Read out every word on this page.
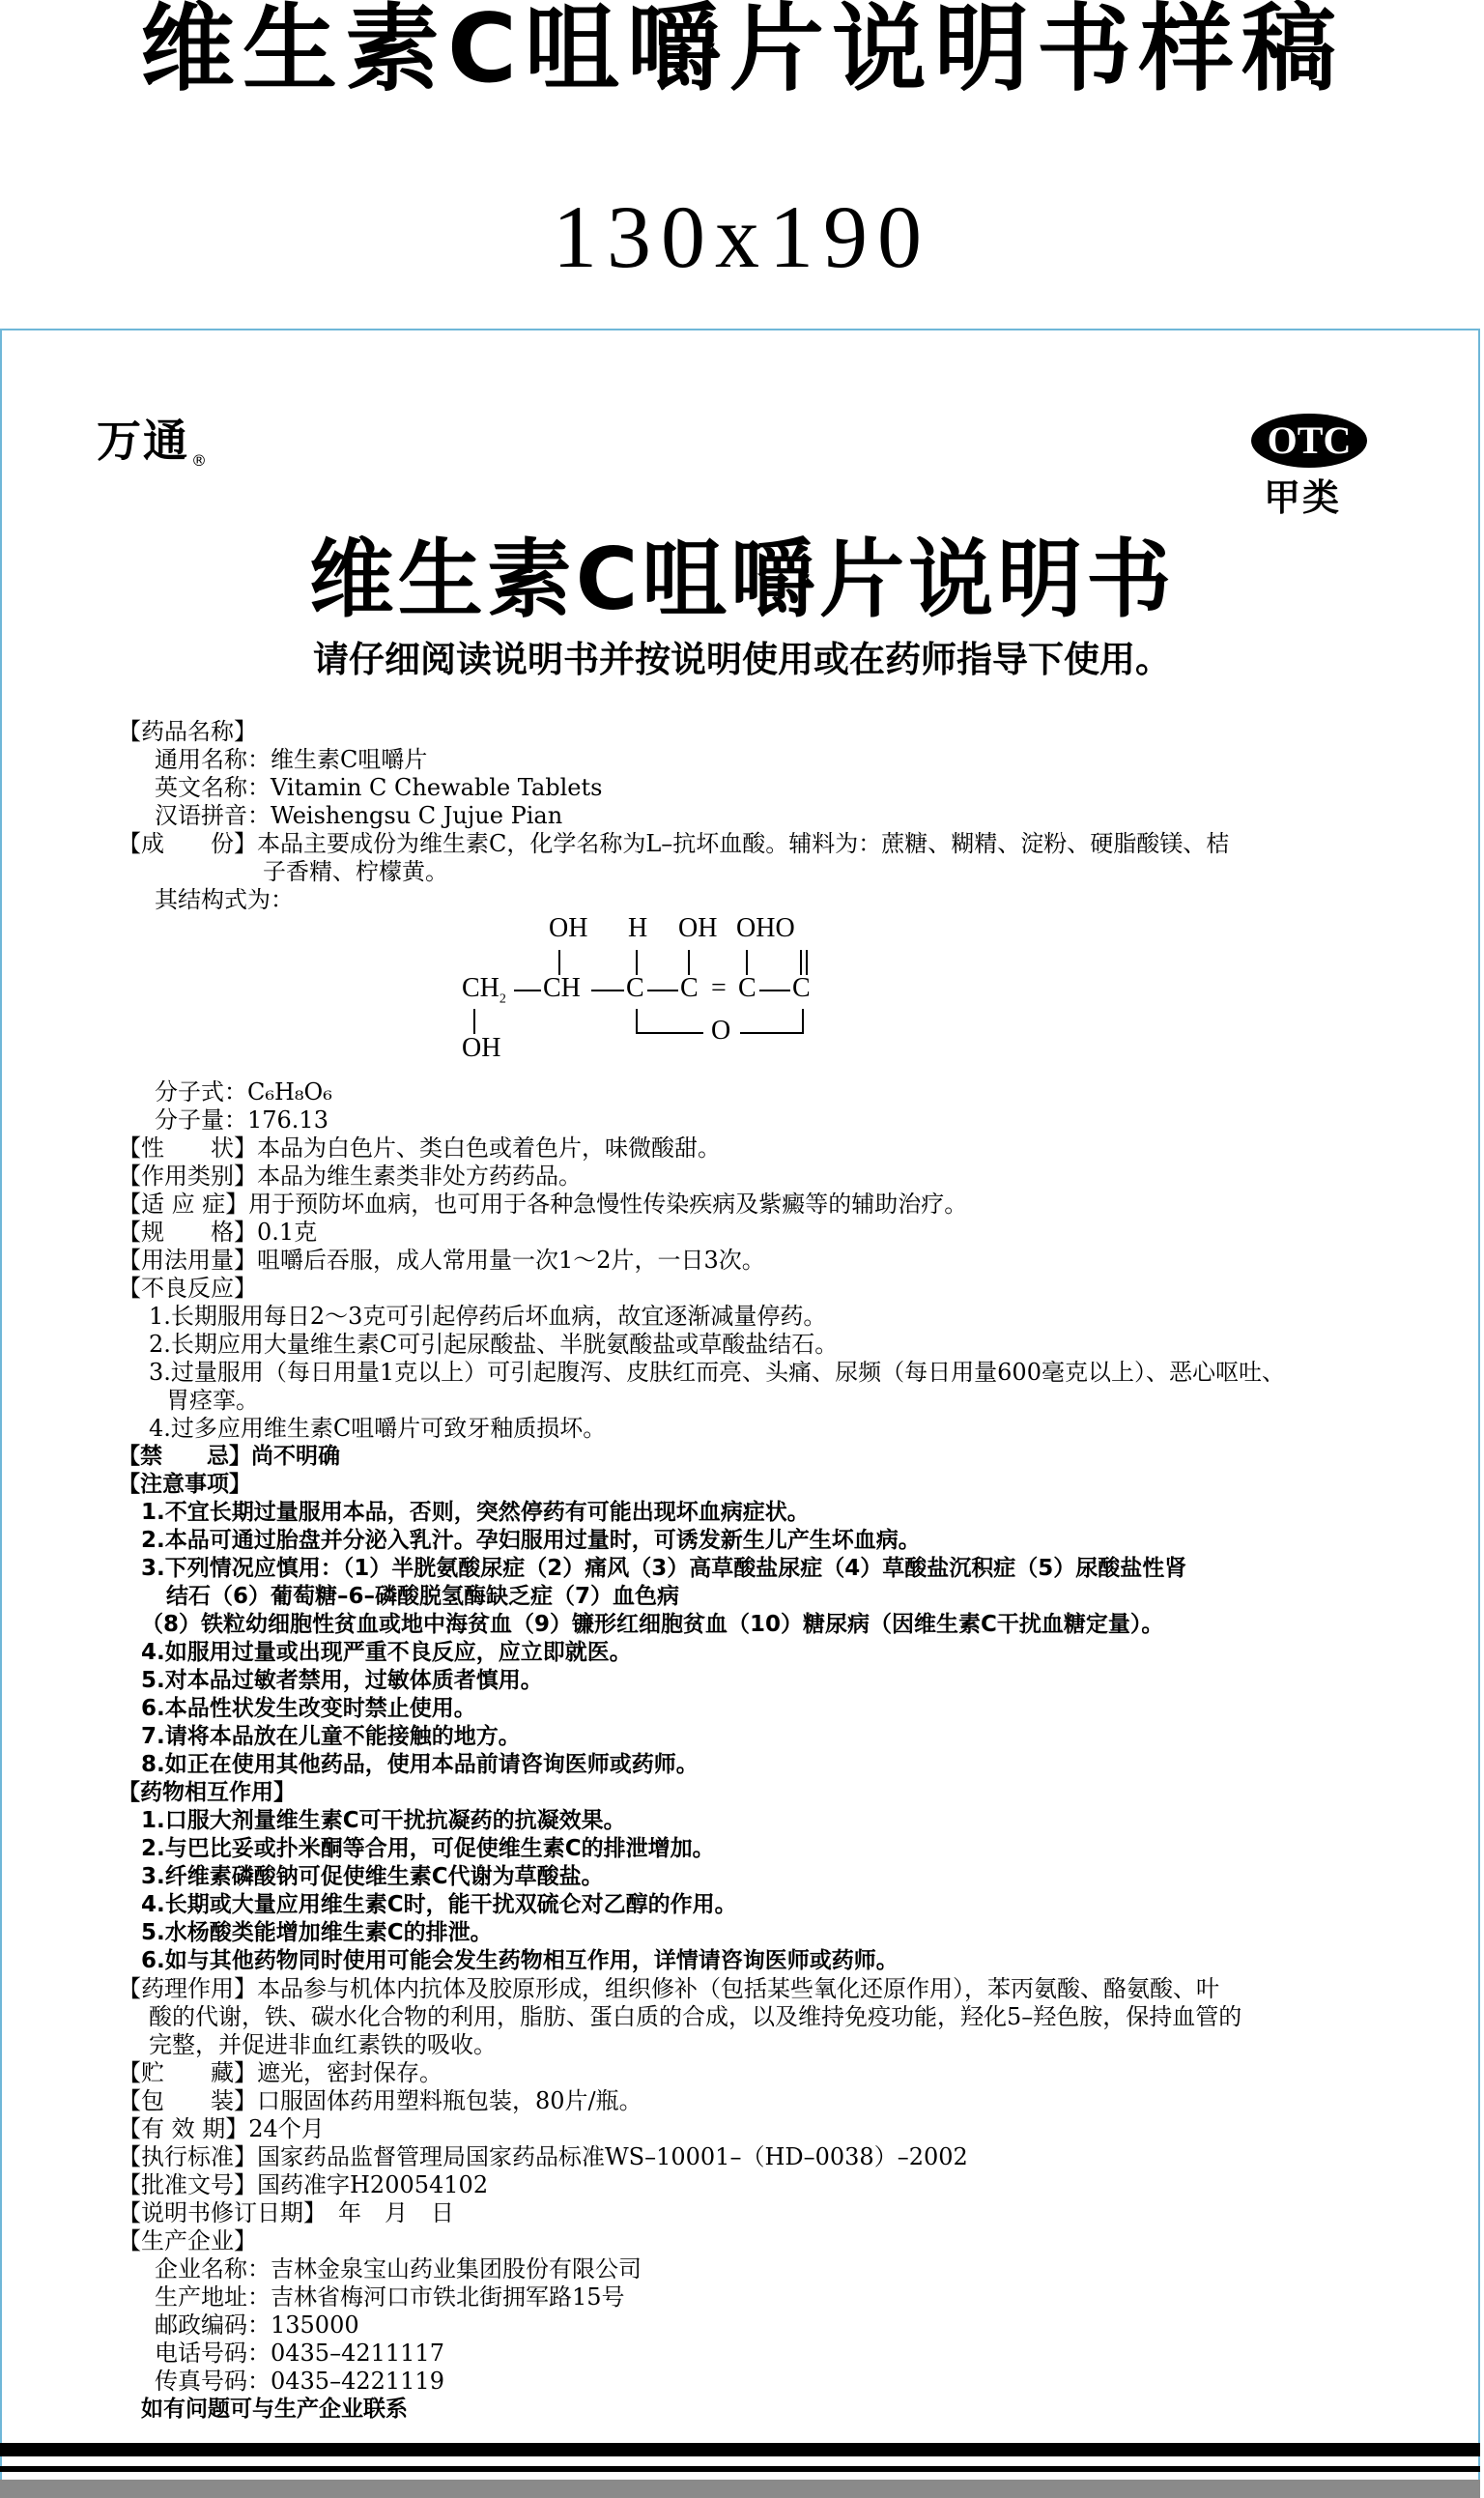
维生素C咀嚼片说明书样稿
130x190
万通 ®	OTC
甲类
维生素C咀嚼片说明书
请仔细阅读说明书并按说明使用或在药师指导下使用。
【药品名称】
通用名称：维生素C咀嚼片
英文名称：Vitamin C Chewable Tablets
汉语拼音：Weishengsu C Jujue Pian
【成　　份】本品主要成份为维生素C，化学名称为L–抗坏血酸。辅料为：蔗糖、糊精、淀粉、硬脂酸镁、桔
子香精、柠檬黄。
其结构式为：
OH H OH OHO
$CH_2$ CH C C = C C
O
OH
分子式：C₆H₈O₆
分子量：176.13
【性　　状】本品为白色片、类白色或着色片，味微酸甜。
【作用类别】本品为维生素类非处方药药品。
【适 应 症】用于预防坏血病，也可用于各种急慢性传染疾病及紫癜等的辅助治疗。
【规　　格】0.1克
【用法用量】咀嚼后吞服，成人常用量一次1～2片，一日3次。
【不良反应】
1.长期服用每日2～3克可引起停药后坏血病，故宜逐渐减量停药。
2.长期应用大量维生素C可引起尿酸盐、半胱氨酸盐或草酸盐结石。
3.过量服用（每日用量1克以上）可引起腹泻、皮肤红而亮、头痛、尿频（每日用量600毫克以上）、恶心呕吐、
胃痉挛。
4.过多应用维生素C咀嚼片可致牙釉质损坏。
【禁　　忌】尚不明确
【注意事项】
1.不宜长期过量服用本品，否则，突然停药有可能出现坏血病症状。
2.本品可通过胎盘并分泌入乳汁。孕妇服用过量时，可诱发新生儿产生坏血病。
3.下列情况应慎用：（1）半胱氨酸尿症（2）痛风（3）高草酸盐尿症（4）草酸盐沉积症（5）尿酸盐性肾
结石（6）葡萄糖–6–磷酸脱氢酶缺乏症（7）血色病
（8）铁粒幼细胞性贫血或地中海贫血（9）镰形红细胞贫血（10）糖尿病（因维生素C干扰血糖定量）。
4.如服用过量或出现严重不良反应，应立即就医。
5.对本品过敏者禁用，过敏体质者慎用。
6.本品性状发生改变时禁止使用。
7.请将本品放在儿童不能接触的地方。
8.如正在使用其他药品，使用本品前请咨询医师或药师。
【药物相互作用】
1.口服大剂量维生素C可干扰抗凝药的抗凝效果。
2.与巴比妥或扑米酮等合用，可促使维生素C的排泄增加。
3.纤维素磷酸钠可促使维生素C代谢为草酸盐。
4.长期或大量应用维生素C时，能干扰双硫仑对乙醇的作用。
5.水杨酸类能增加维生素C的排泄。
6.如与其他药物同时使用可能会发生药物相互作用，详情请咨询医师或药师。
【药理作用】本品参与机体内抗体及胶原形成，组织修补（包括某些氧化还原作用），苯丙氨酸、酪氨酸、叶
酸的代谢，铁、碳水化合物的利用，脂肪、蛋白质的合成，以及维持免疫功能，羟化5–羟色胺，保持血管的
完整，并促进非血红素铁的吸收。
【贮　　藏】遮光，密封保存。
【包　　装】口服固体药用塑料瓶包装，80片/瓶。
【有 效 期】24个月
【执行标准】国家药品监督管理局国家药品标准WS–10001–（HD–0038）–2002
【批准文号】国药准字H20054102
【说明书修订日期】　年　月　日
【生产企业】
企业名称：吉林金泉宝山药业集团股份有限公司
生产地址：吉林省梅河口市铁北街拥军路15号
邮政编码：135000
电话号码：0435–4211117
传真号码：0435–4221119
如有问题可与生产企业联系
